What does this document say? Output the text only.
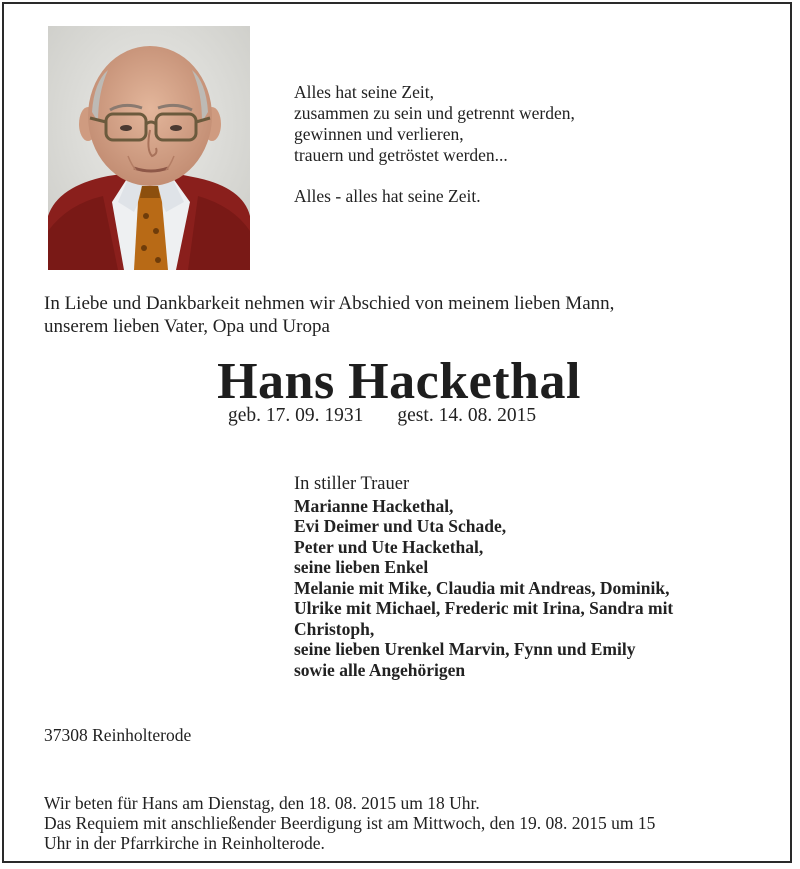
Alles hat seine Zeit,
zusammen zu sein und getrennt werden,
gewinnen und verlieren,
trauern und getröstet werden...
Alles - alles hat seine Zeit.
In Liebe und Dankbarkeit nehmen wir Abschied von meinem lieben Mann,
unserem lieben Vater, Opa und Uropa
Hans Hackethal
geb. 17. 09. 1931 gest. 14. 08. 2015
In stiller Trauer
Marianne Hackethal,
Evi Deimer und Uta Schade,
Peter und Ute Hackethal,
seine lieben Enkel
Melanie mit Mike, Claudia mit Andreas, Dominik,
Ulrike mit Michael, Frederic mit Irina, Sandra mit
Christoph,
seine lieben Urenkel Marvin, Fynn und Emily
sowie alle Angehörigen
37308 Reinholterode
Wir beten für Hans am Dienstag, den 18. 08. 2015 um 18 Uhr.
Das Requiem mit anschließender Beerdigung ist am Mittwoch, den 19. 08. 2015 um 15
Uhr in der Pfarrkirche in Reinholterode.
